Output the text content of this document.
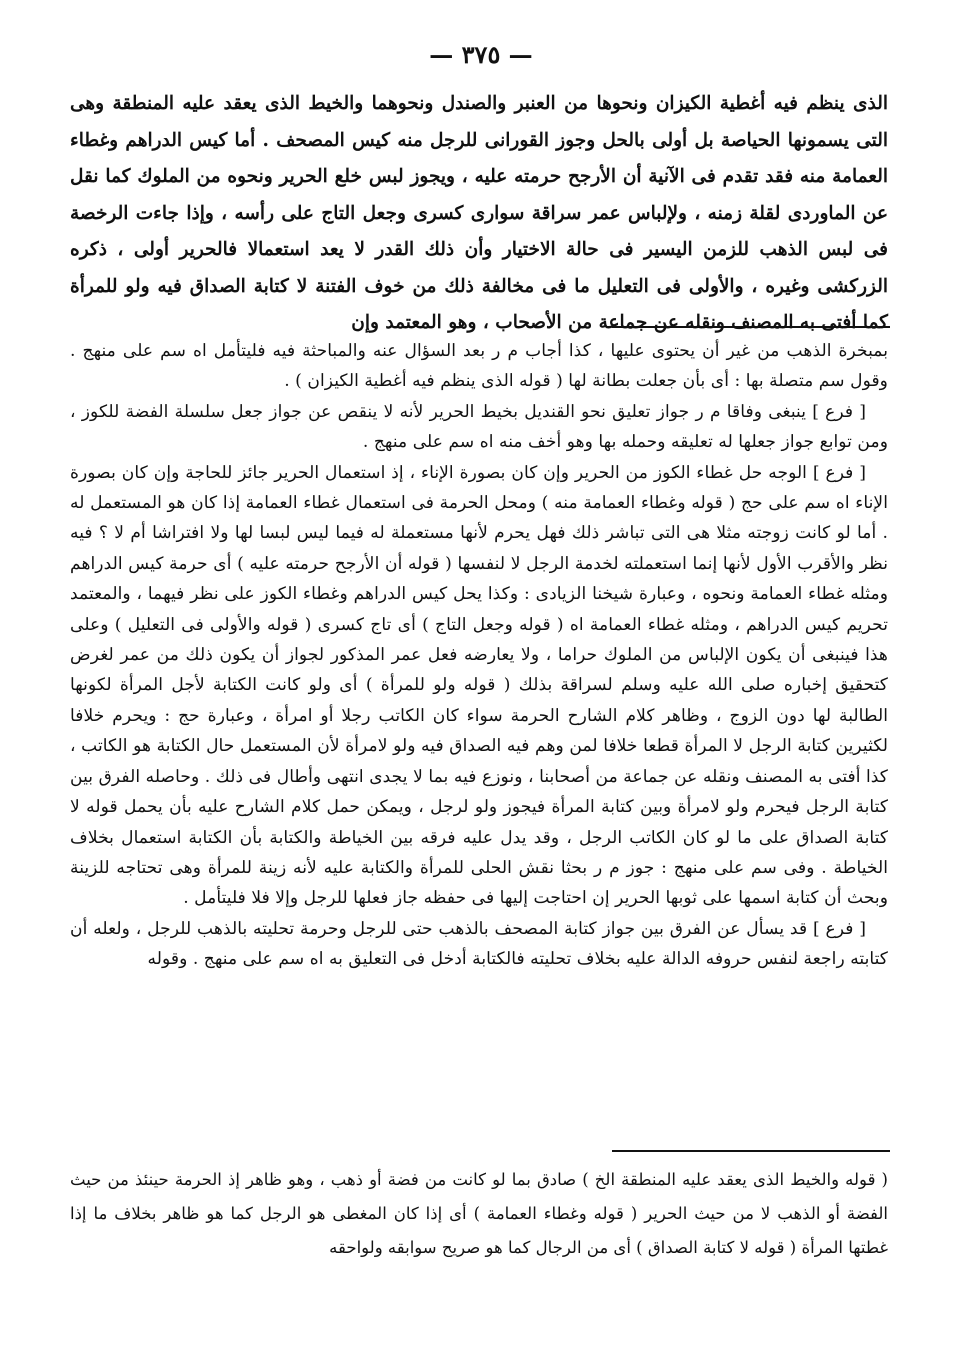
— ٣٧٥ —

الذى ينظم فيه أغطية الكيزان ونحوها من العنبر والصندل ونحوهما والخيط الذى يعقد عليه المنطقة وهى التى يسمونها الحياصة بل أولى بالحل وجوز القورانى للرجل منه كيس المصحف . أما كيس الدراهم وغطاء العمامة منه فقد تقدم فى الآنية أن الأرجح حرمته عليه ، ويجوز لبس خلع الحرير ونحوه من الملوك كما نقل عن الماوردى لقلة زمنه ، ولإلباس عمر سراقة سوارى كسرى وجعل التاج على رأسه ، وإذا جاءت الرخصة فى لبس الذهب للزمن اليسير فى حالة الاختيار وأن ذلك القدر لا يعد استعمالا فالحرير أولى ، ذكره الزركشى وغيره ، والأولى فى التعليل ما فى مخالفة ذلك من خوف الفتنة لا كتابة الصداق فيه ولو للمرأة كما أفتى به المصنف ونقله عن جماعة من الأصحاب ، وهو المعتمد وإن

بمبخرة الذهب من غير أن يحتوى عليها ، كذا أجاب م ر بعد السؤال عنه والمباحثة فيه فليتأمل اه سم على منهج . وقول سم متصلة بها : أى بأن جعلت بطانة لها ( قوله الذى ينظم فيه أغطية الكيزان ) .

[ فرع ] ينبغى وفاقا م ر جواز تعليق نحو القنديل بخيط الحرير لأنه لا ينقص عن جواز جعل سلسلة الفضة للكوز ، ومن توابع جواز جعلها له تعليقه وحمله بها وهو أخف منه اه سم على منهج .

[ فرع ] الوجه حل غطاء الكوز من الحرير وإن كان بصورة الإناء ، إذ استعمال الحرير جائز للحاجة وإن كان بصورة الإناء اه سم على حج ( قوله وغطاء العمامة منه ) ومحل الحرمة فى استعمال غطاء العمامة إذا كان هو المستعمل له . أما لو كانت زوجته مثلا هى التى تباشر ذلك فهل يحرم لأنها مستعملة له فيما ليس لبسا لها ولا افتراشا أم لا ؟ فيه نظر والأقرب الأول لأنها إنما استعملته لخدمة الرجل لا لنفسها ( قوله أن الأرجح حرمته عليه ) أى حرمة كيس الدراهم ومثله غطاء العمامة ونحوه ، وعبارة شيخنا الزيادى : وكذا يحل كيس الدراهم وغطاء الكوز على نظر فيهما ، والمعتمد تحريم كيس الدراهم ، ومثله غطاء العمامة اه ( قوله وجعل التاج ) أى تاج كسرى ( قوله والأولى فى التعليل ) وعلى هذا فينبغى أن يكون الإلباس من الملوك حراما ، ولا يعارضه فعل عمر المذكور لجواز أن يكون ذلك من عمر لغرض كتحقيق إخباره صلى الله عليه وسلم لسراقة بذلك ( قوله ولو للمرأة ) أى ولو كانت الكتابة لأجل المرأة لكونها الطالبة لها دون الزوج ، وظاهر كلام الشارح الحرمة سواء كان الكاتب رجلا أو امرأة ، وعبارة حج : ويحرم خلافا لكثيرين كتابة الرجل لا المرأة قطعا خلافا لمن وهم فيه الصداق فيه ولو لامرأة لأن المستعمل حال الكتابة هو الكاتب ، كذا أفتى به المصنف ونقله عن جماعة من أصحابنا ، ونوزع فيه بما لا يجدى انتهى وأطال فى ذلك . وحاصله الفرق بين كتابة الرجل فيحرم ولو لامرأة وبين كتابة المرأة فيجوز ولو لرجل ، ويمكن حمل كلام الشارح عليه بأن يحمل قوله لا كتابة الصداق على ما لو كان الكاتب الرجل ، وقد يدل عليه فرقه بين الخياطة والكتابة بأن الكتابة استعمال بخلاف الخياطة . وفى سم على منهج : جوز م ر بحثا نقش الحلى للمرأة والكتابة عليه لأنه زينة للمرأة وهى تحتاجه للزينة وبحث أن كتابة اسمها على ثوبها الحرير إن احتاجت إليها فى حفظه جاز فعلها للرجل وإلا فلا فليتأمل .

[ فرع ] قد يسأل عن الفرق بين جواز كتابة المصحف بالذهب حتى للرجل وحرمة تحليته بالذهب للرجل ، ولعله أن كتابته راجعة لنفس حروفه الدالة عليه بخلاف تحليته فالكتابة أدخل فى التعليق به اه سم على منهج . وقوله

( قوله والخيط الذى يعقد عليه المنطقة الخ ) صادق بما لو كانت من فضة أو ذهب ، وهو ظاهر إذ الحرمة حينئذ من حيث الفضة أو الذهب لا من حيث الحرير ( قوله وغطاء العمامة ) أى إذا كان المغطى هو الرجل كما هو ظاهر بخلاف ما إذا غطتها المرأة ( قوله لا كتابة الصداق ) أى من الرجال كما هو صريح سوابقه ولواحقه
